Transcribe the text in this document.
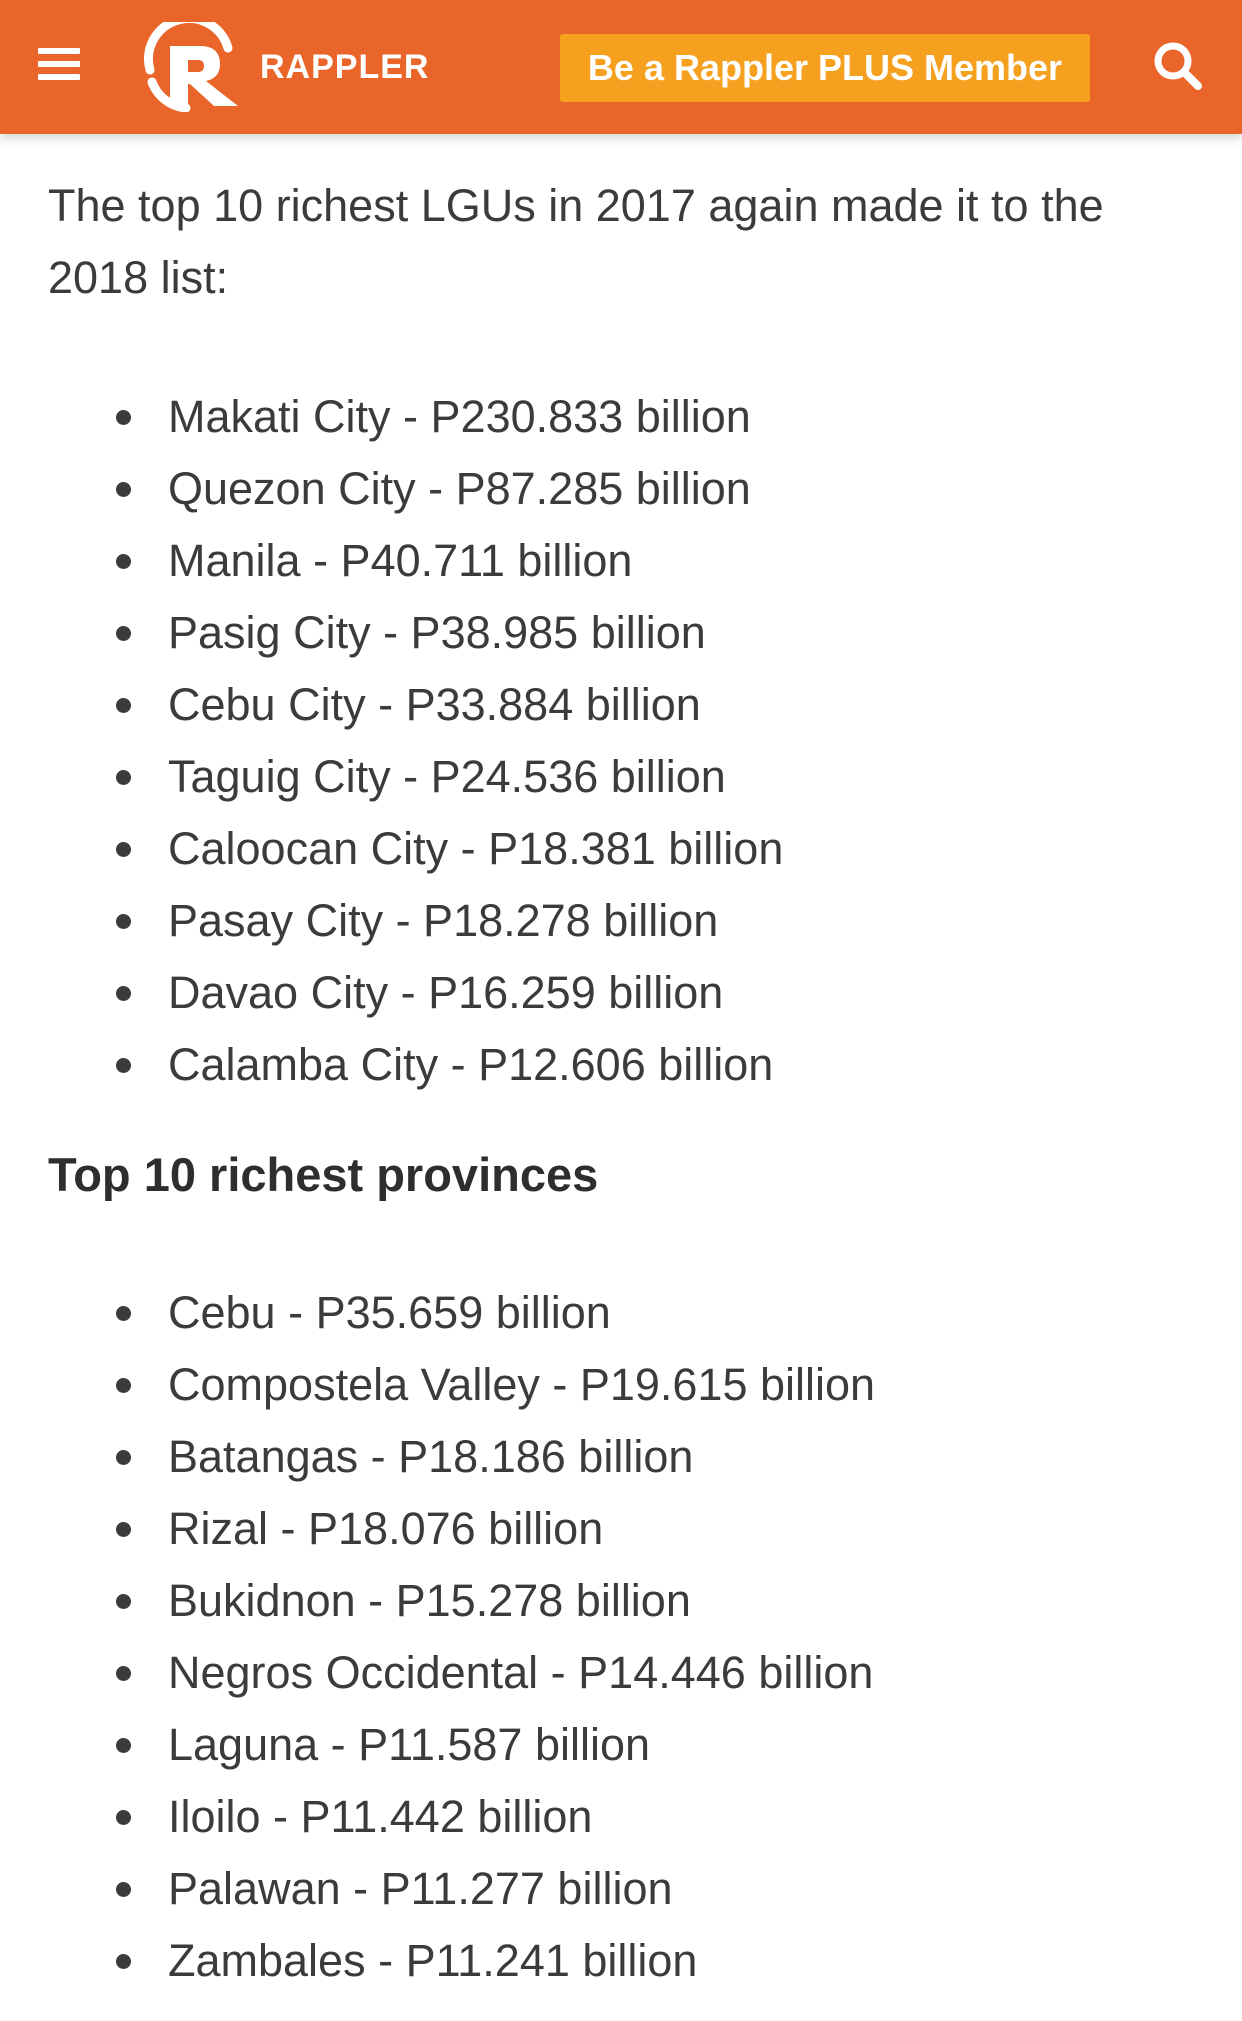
RAPPLER	Be a Rappler PLUS Member

The top 10 richest LGUs in 2017 again made it to the 2018 list:

Makati City - P230.833 billion
Quezon City - P87.285 billion
Manila - P40.711 billion
Pasig City - P38.985 billion
Cebu City - P33.884 billion
Taguig City - P24.536 billion
Caloocan City - P18.381 billion
Pasay City - P18.278 billion
Davao City - P16.259 billion
Calamba City - P12.606 billion
Top 10 richest provinces
Cebu - P35.659 billion
Compostela Valley - P19.615 billion
Batangas - P18.186 billion
Rizal - P18.076 billion
Bukidnon - P15.278 billion
Negros Occidental - P14.446 billion
Laguna - P11.587 billion
Iloilo - P11.442 billion
Palawan - P11.277 billion
Zambales - P11.241 billion
